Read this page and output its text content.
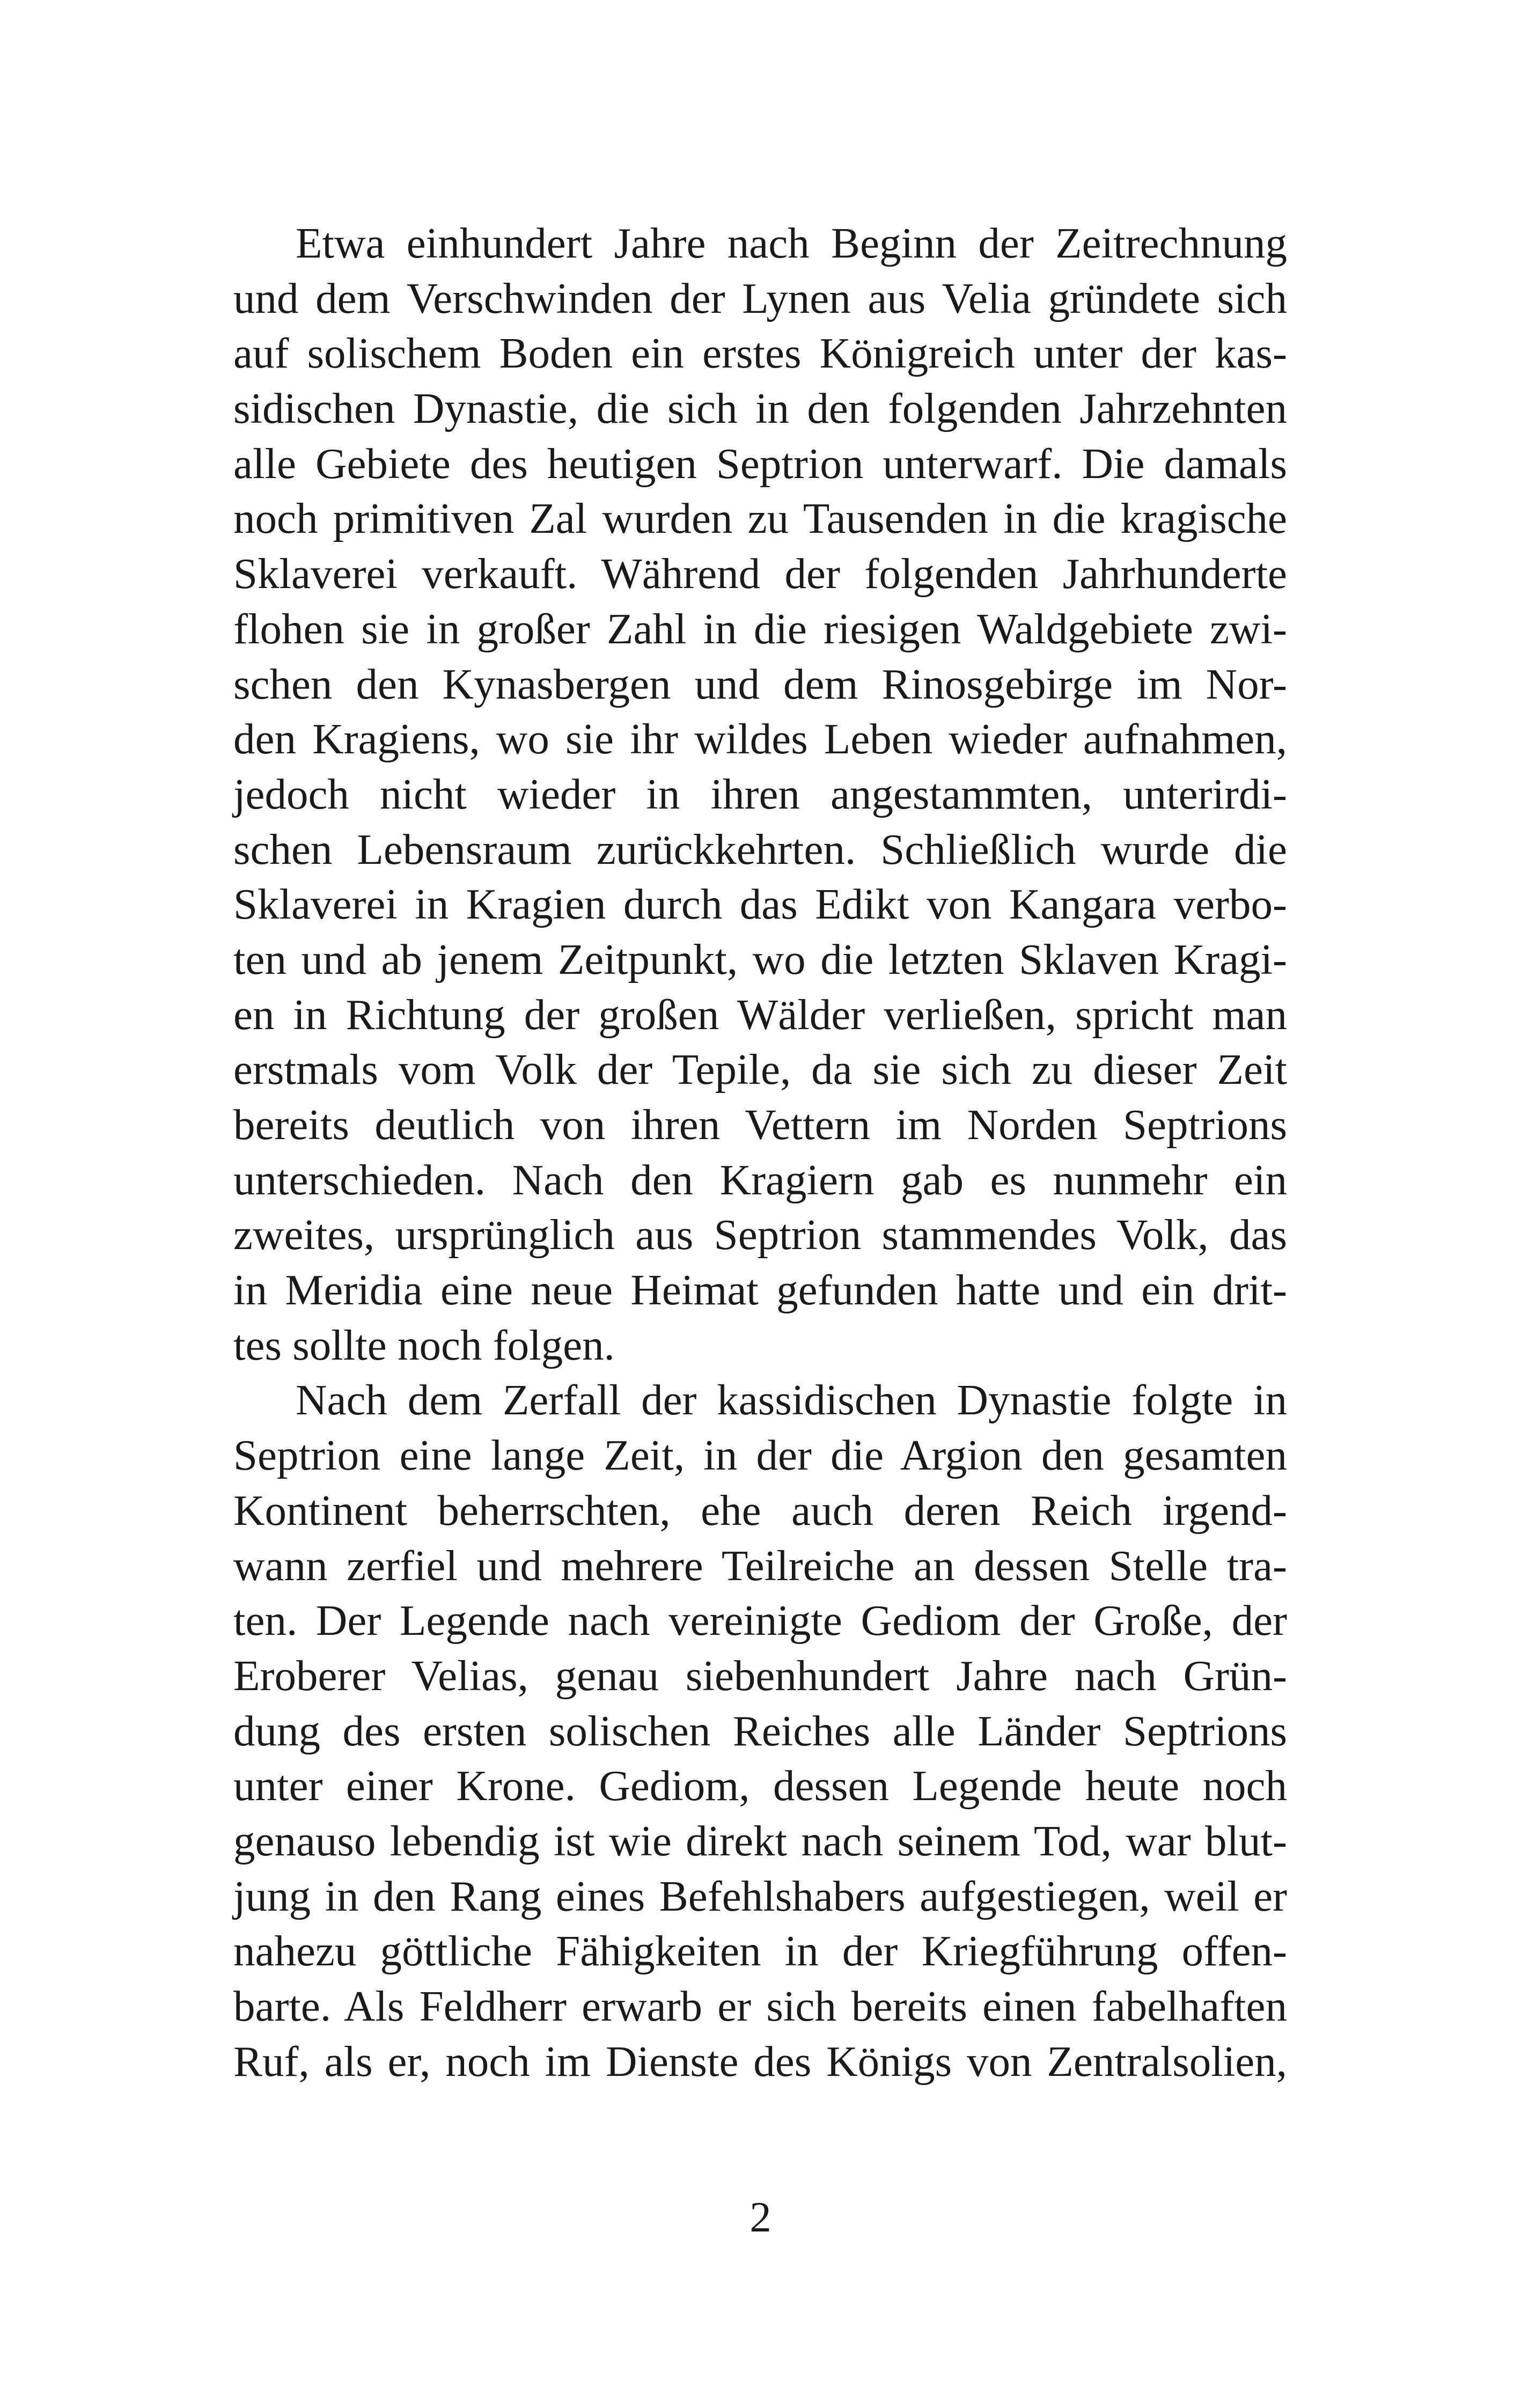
Etwa einhundert Jahre nach Beginn der Zeitrechnung
und dem Verschwinden der Lynen aus Velia gründete sich
auf solischem Boden ein erstes Königreich unter der kas-
sidischen Dynastie, die sich in den folgenden Jahrzehnten
alle Gebiete des heutigen Septrion unterwarf. Die damals
noch primitiven Zal wurden zu Tausenden in die kragische
Sklaverei verkauft. Während der folgenden Jahrhunderte
flohen sie in großer Zahl in die riesigen Waldgebiete zwi-
schen den Kynasbergen und dem Rinosgebirge im Nor-
den Kragiens, wo sie ihr wildes Leben wieder aufnahmen,
jedoch nicht wieder in ihren angestammten, unterirdi-
schen Lebensraum zurückkehrten. Schließlich wurde die
Sklaverei in Kragien durch das Edikt von Kangara verbo-
ten und ab jenem Zeitpunkt, wo die letzten Sklaven Kragi-
en in Richtung der großen Wälder verließen, spricht man
erstmals vom Volk der Tepile, da sie sich zu dieser Zeit
bereits deutlich von ihren Vettern im Norden Septrions
unterschieden. Nach den Kragiern gab es nunmehr ein
zweites, ursprünglich aus Septrion stammendes Volk, das
in Meridia eine neue Heimat gefunden hatte und ein drit-
tes sollte noch folgen.
Nach dem Zerfall der kassidischen Dynastie folgte in
Septrion eine lange Zeit, in der die Argion den gesamten
Kontinent beherrschten, ehe auch deren Reich irgend-
wann zerfiel und mehrere Teilreiche an dessen Stelle tra-
ten. Der Legende nach vereinigte Gediom der Große, der
Eroberer Velias, genau siebenhundert Jahre nach Grün-
dung des ersten solischen Reiches alle Länder Septrions
unter einer Krone. Gediom, dessen Legende heute noch
genauso lebendig ist wie direkt nach seinem Tod, war blut-
jung in den Rang eines Befehlshabers aufgestiegen, weil er
nahezu göttliche Fähigkeiten in der Kriegführung offen-
barte. Als Feldherr erwarb er sich bereits einen fabelhaften
Ruf, als er, noch im Dienste des Königs von Zentralsolien,
2
